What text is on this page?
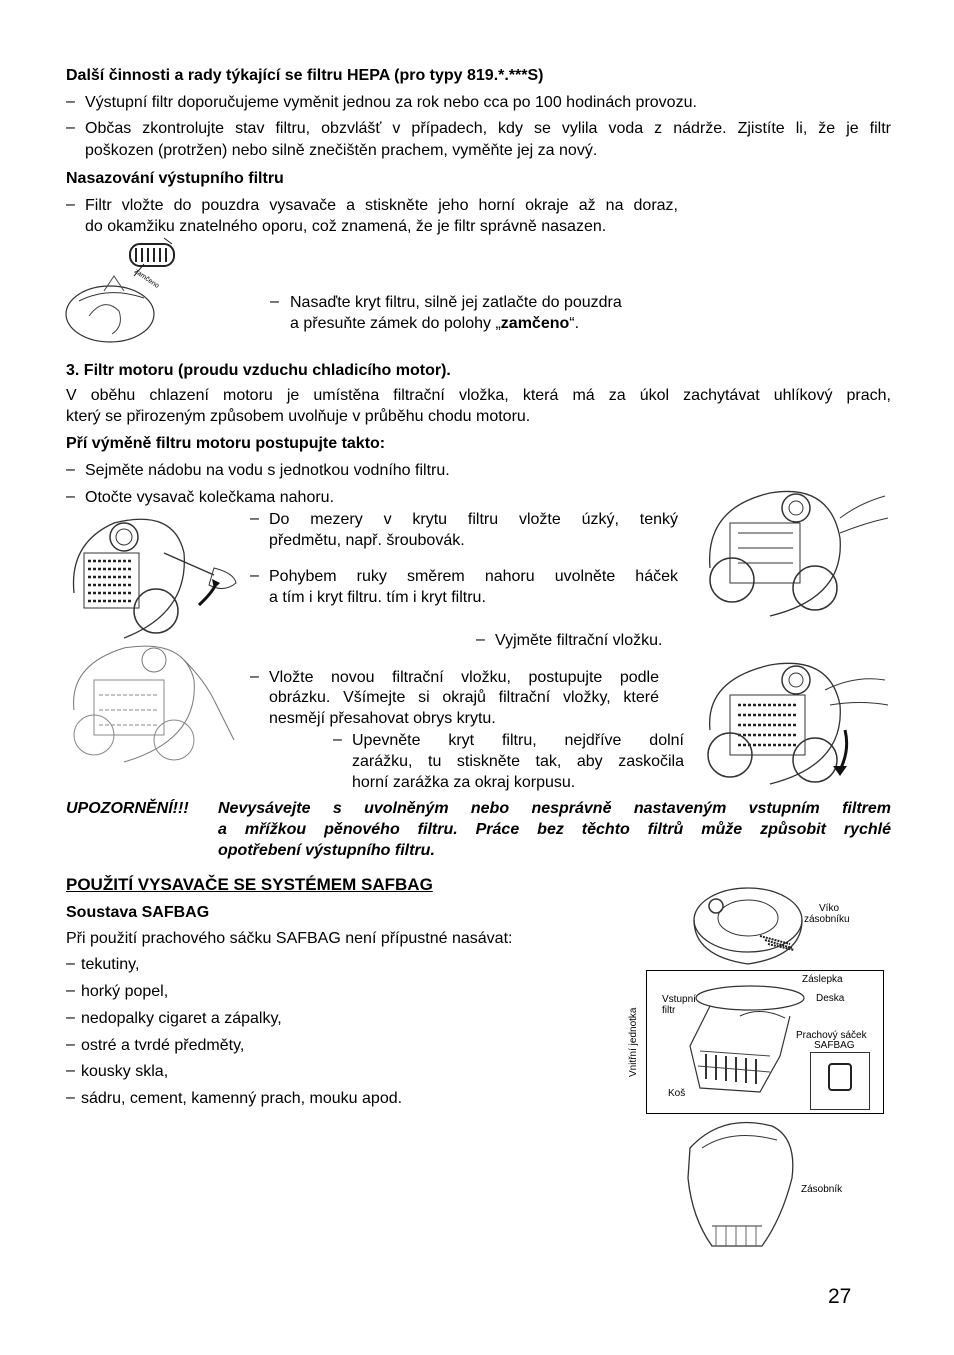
Další činnosti a rady týkající se filtru HEPA (pro typy 819.*.***S)
– Výstupní filtr doporučujeme vyměnit jednou za rok nebo cca po 100 hodinách provozu.
– Občas zkontrolujte stav filtru, obzvlášť v případech, kdy se vylila voda z nádrže. Zjistíte li, že je filtr
poškozen (protržen) nebo silně znečištěn prachem, vyměňte jej za nový.
Nasazování výstupního filtru
– Filtr vložte do pouzdra vysavače a stiskněte jeho horní okraje až na doraz,
do okamžiku znatelného oporu, což znamená, že je filtr správně nasazen.
zamčeno
– Nasaďte kryt filtru, silně jej zatlačte do pouzdra
a přesuňte zámek do polohy „zamčeno“.
3. Filtr motoru (proudu vzduchu chladicího motor).
V oběhu chlazení motoru je umístěna filtrační vložka, která má za úkol zachytávat uhlíkový prach,
který se přirozeným způsobem uvolňuje v průběhu chodu motoru.
Pří výměně filtru motoru postupujte takto:
– Sejměte nádobu na vodu s jednotkou vodního filtru.
– Otočte vysavač kolečkama nahoru.
– Do mezery v krytu filtru vložte úzký, tenký
předmětu, např. šroubovák.
– Pohybem ruky směrem nahoru uvolněte háček
a tím i kryt filtru. tím i kryt filtru.
– Vyjměte filtrační vložku.
– Vložte novou filtrační vložku, postupujte podle
obrázku. Všímejte si okrajů filtrační vložky, které
nesmějí přesahovat obrys krytu.
– Upevněte kryt filtru, nejdříve dolní
zarážku, tu stiskněte tak, aby zaskočila
horní zarážka za okraj korpusu.
UPOZORNĚNÍ!!! Nevysávejte s uvolněným nebo nesprávně nastaveným vstupním filtrem
a mřížkou pěnového filtru. Práce bez těchto filtrů může způsobit rychlé
opotřebení výstupního filtru.
POUŽITÍ VYSAVAČE SE SYSTÉMEM SAFBAG
Soustava SAFBAG
Při použití prachového sáčku SAFBAG není přípustné nasávat:
– tekutiny,
– horký popel,
– nedopalky cigaret a zápalky,
– ostré a tvrdé předměty,
– kousky skla,
– sádru, cement, kamenný prach, mouku apod.
Víko
zásobníku
Vnitřní jednotka
Záslepka
Deska
Vstupní
filtr
Prachový sáček
SAFBAG
Koš
Zásobník
27
